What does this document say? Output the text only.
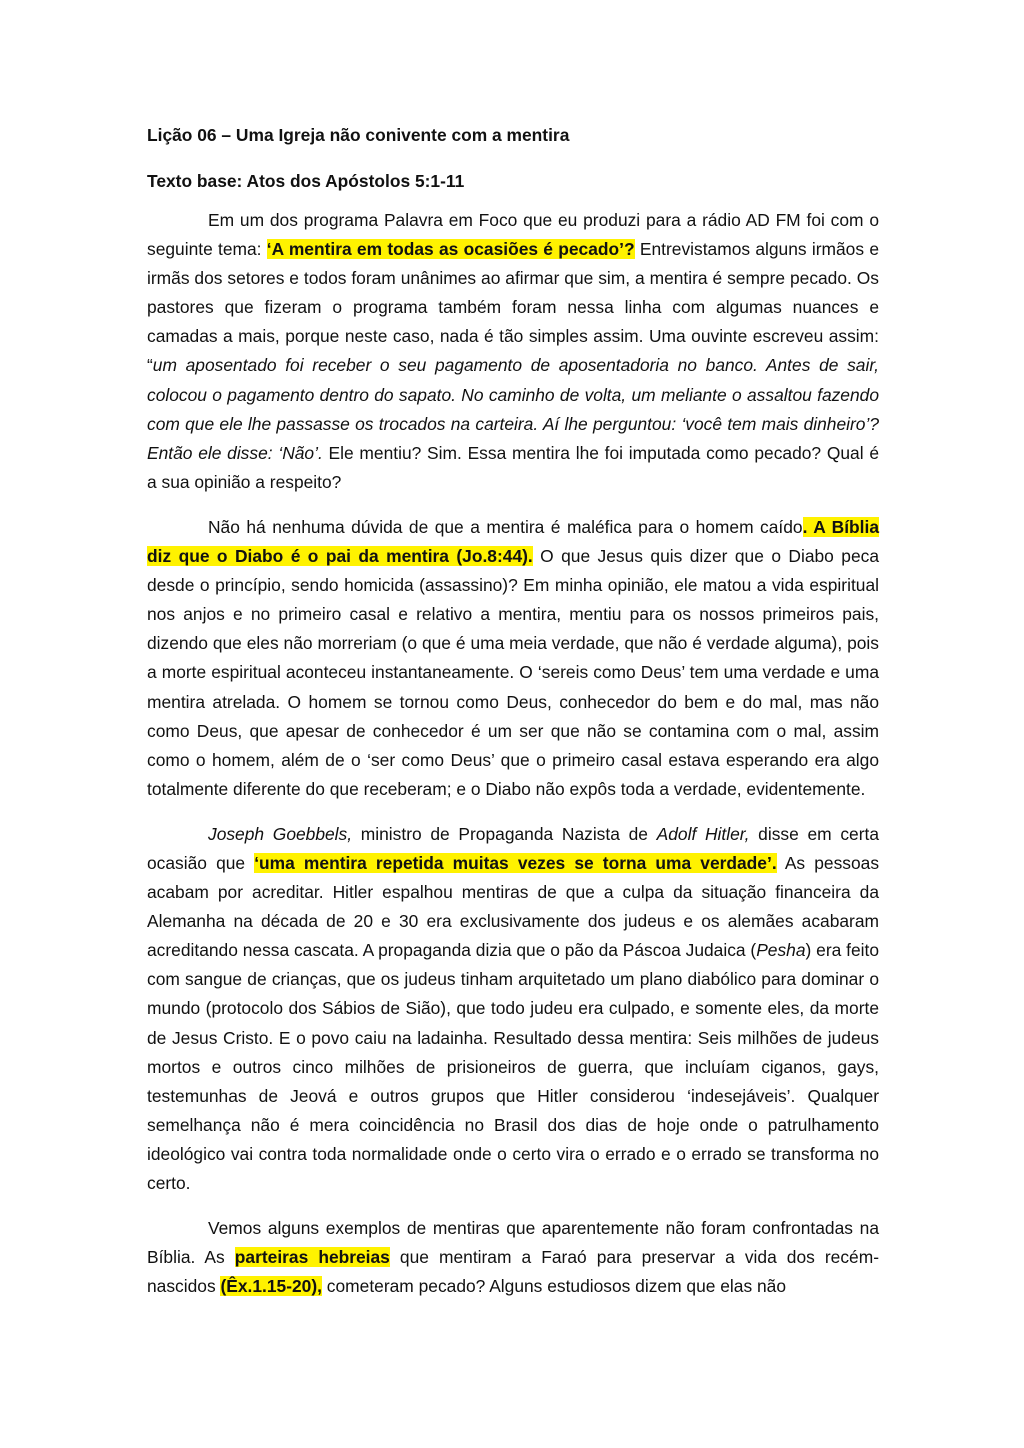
Lição 06 – Uma Igreja não conivente com a mentira
Texto base: Atos dos Apóstolos 5:1-11

Em um dos programa Palavra em Foco que eu produzi para a rádio AD FM foi com o seguinte tema: ‘A mentira em todas as ocasiões é pecado’? Entrevistamos alguns irmãos e irmãs dos setores e todos foram unânimes ao afirmar que sim, a mentira é sempre pecado. Os pastores que fizeram o programa também foram nessa linha com algumas nuances e camadas a mais, porque neste caso, nada é tão simples assim. Uma ouvinte escreveu assim: “um aposentado foi receber o seu pagamento de aposentadoria no banco. Antes de sair, colocou o pagamento dentro do sapato. No caminho de volta, um meliante o assaltou fazendo com que ele lhe passasse os trocados na carteira. Aí lhe perguntou: ‘você tem mais dinheiro’? Então ele disse: ‘Não’. Ele mentiu? Sim. Essa mentira lhe foi imputada como pecado? Qual é a sua opinião a respeito?

Não há nenhuma dúvida de que a mentira é maléfica para o homem caído. A Bíblia diz que o Diabo é o pai da mentira (Jo.8:44). O que Jesus quis dizer que o Diabo peca desde o princípio, sendo homicida (assassino)? Em minha opinião, ele matou a vida espiritual nos anjos e no primeiro casal e relativo a mentira, mentiu para os nossos primeiros pais, dizendo que eles não morreriam (o que é uma meia verdade, que não é verdade alguma), pois a morte espiritual aconteceu instantaneamente. O ‘sereis como Deus’ tem uma verdade e uma mentira atrelada. O homem se tornou como Deus, conhecedor do bem e do mal, mas não como Deus, que apesar de conhecedor é um ser que não se contamina com o mal, assim como o homem, além de o ‘ser como Deus’ que o primeiro casal estava esperando era algo totalmente diferente do que receberam; e o Diabo não expôs toda a verdade, evidentemente.

Joseph Goebbels, ministro de Propaganda Nazista de Adolf Hitler, disse em certa ocasião que ‘uma mentira repetida muitas vezes se torna uma verdade’. As pessoas acabam por acreditar. Hitler espalhou mentiras de que a culpa da situação financeira da Alemanha na década de 20 e 30 era exclusivamente dos judeus e os alemães acabaram acreditando nessa cascata. A propaganda dizia que o pão da Páscoa Judaica (Pesha) era feito com sangue de crianças, que os judeus tinham arquitetado um plano diabólico para dominar o mundo (protocolo dos Sábios de Sião), que todo judeu era culpado, e somente eles, da morte de Jesus Cristo. E o povo caiu na ladainha. Resultado dessa mentira: Seis milhões de judeus mortos e outros cinco milhões de prisioneiros de guerra, que incluíam ciganos, gays, testemunhas de Jeová e outros grupos que Hitler considerou ‘indesejáveis’. Qualquer semelhança não é mera coincidência no Brasil dos dias de hoje onde o patrulhamento ideológico vai contra toda normalidade onde o certo vira o errado e o errado se transforma no certo.

Vemos alguns exemplos de mentiras que aparentemente não foram confrontadas na Bíblia. As parteiras hebreias que mentiram a Faraó para preservar a vida dos recém-nascidos (Êx.1.15-20), cometeram pecado? Alguns estudiosos dizem que elas não
